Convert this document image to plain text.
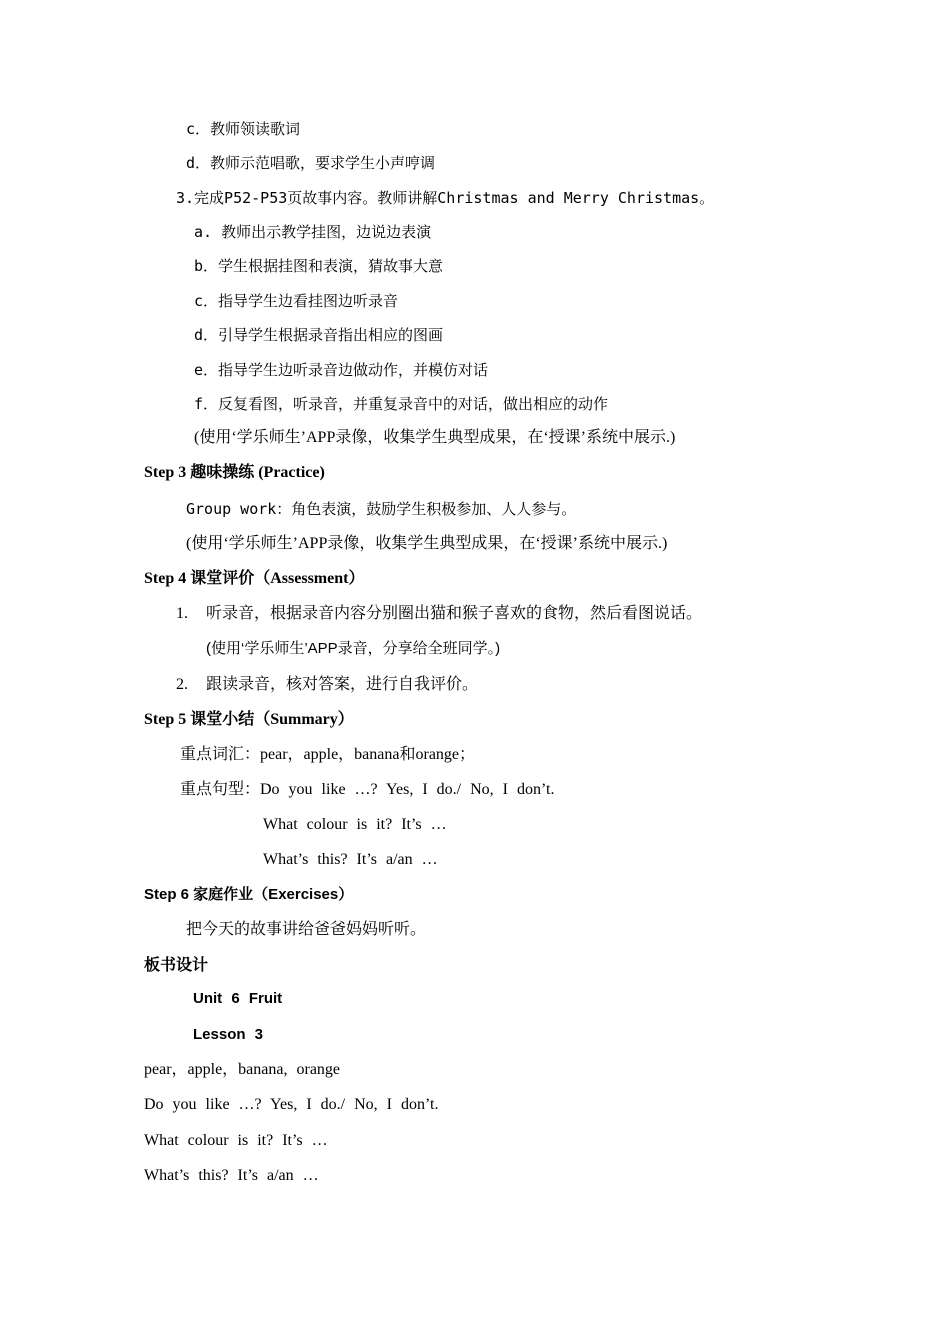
c．教师领读歌词
d．教师示范唱歌，要求学生小声哼调
3.完成P52-P53页故事内容。教师讲解Christmas and Merry Christmas。
a. 教师出示教学挂图，边说边表演
b．学生根据挂图和表演，猜故事大意
c．指导学生边看挂图边听录音
d．引导学生根据录音指出相应的图画
e．指导学生边听录音边做动作，并模仿对话
f．反复看图，听录音，并重复录音中的对话，做出相应的动作
(使用‘学乐师生’APP录像，收集学生典型成果，在‘授课’系统中展示.)
Step 3 趣味操练 (Practice)
Group work：角色表演，鼓励学生积极参加、人人参与。
(使用‘学乐师生’APP录像，收集学生典型成果，在‘授课’系统中展示.)
Step 4 课堂评价（Assessment）
1. 听录音，根据录音内容分别圈出猫和猴子喜欢的食物，然后看图说话。
(使用‘学乐师生’APP录音，分享给全班同学。)
2. 跟读录音，核对答案，进行自我评价。
Step 5 课堂小结（Summary）
重点词汇：pear，apple，banana和orange；
重点句型：Do you like …? Yes, I do./ No, I don’t.
What colour is it? It’s …
What’s this? It’s a/an …
Step 6 家庭作业（Exercises）
把今天的故事讲给爸爸妈妈听听。
板书设计
Unit 6 Fruit
Lesson 3
pear，apple，banana, orange
Do you like …? Yes, I do./ No, I don’t.
What colour is it? It’s …
What’s this? It’s a/an …
